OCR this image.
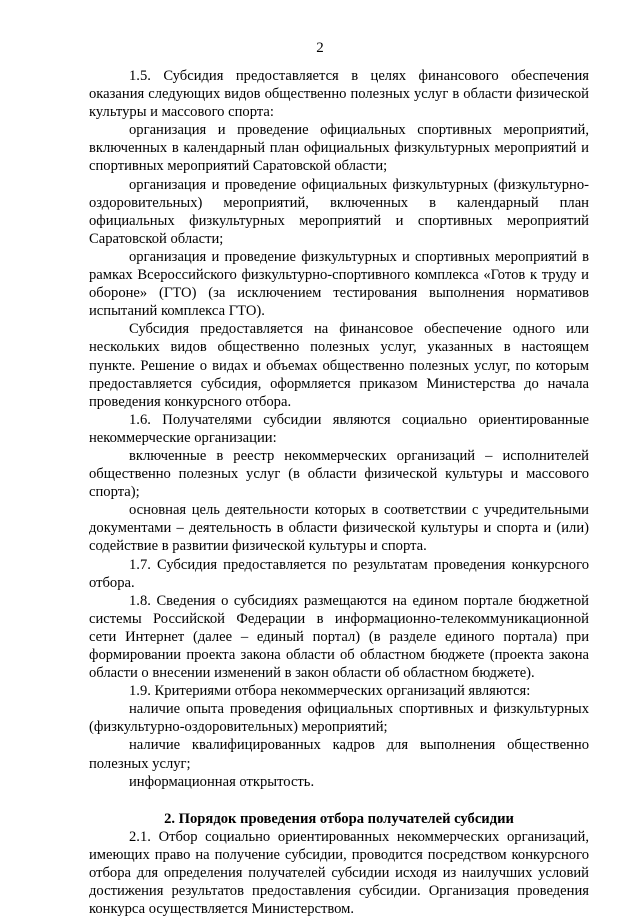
2

1.5. Субсидия предоставляется в целях финансового обеспечения оказания следующих видов общественно полезных услуг в области физической культуры и массового спорта:

организация и проведение официальных спортивных мероприятий, включенных в календарный план официальных физкультурных мероприятий и спортивных мероприятий Саратовской области;

организация и проведение официальных физкультурных (физкультурно-оздоровительных) мероприятий, включенных в календарный план официальных физкультурных мероприятий и спортивных мероприятий Саратовской области;

организация и проведение физкультурных и спортивных мероприятий в рамках Всероссийского физкультурно-спортивного комплекса «Готов к труду и обороне» (ГТО) (за исключением тестирования выполнения нормативов испытаний комплекса ГТО).

Субсидия предоставляется на финансовое обеспечение одного или нескольких видов общественно полезных услуг, указанных в настоящем пункте. Решение о видах и объемах общественно полезных услуг, по которым предоставляется субсидия, оформляется приказом Министерства до начала проведения конкурсного отбора.

1.6. Получателями субсидии являются социально ориентированные некоммерческие организации:

включенные в реестр некоммерческих организаций – исполнителей общественно полезных услуг (в области физической культуры и массового спорта);

основная цель деятельности которых в соответствии с учредительными документами – деятельность в области физической культуры и спорта и (или) содействие в развитии физической культуры и спорта.

1.7. Субсидия предоставляется по результатам проведения конкурсного отбора.

1.8. Сведения о субсидиях размещаются на едином портале бюджетной системы Российской Федерации в информационно-телекоммуникационной сети Интернет (далее – единый портал) (в разделе единого портала) при формировании проекта закона области об областном бюджете (проекта закона области о внесении изменений в закон области об областном бюджете).

1.9. Критериями отбора некоммерческих организаций являются:

наличие опыта проведения официальных спортивных и физкультурных (физкультурно-оздоровительных) мероприятий;

наличие квалифицированных кадров для выполнения общественно полезных услуг;

информационная открытость.

2. Порядок проведения отбора получателей субсидии

2.1. Отбор социально ориентированных некоммерческих организаций, имеющих право на получение субсидии, проводится посредством конкурсного отбора для определения получателей субсидии исходя из наилучших условий достижения результатов предоставления субсидии. Организация проведения конкурса осуществляется Министерством.
